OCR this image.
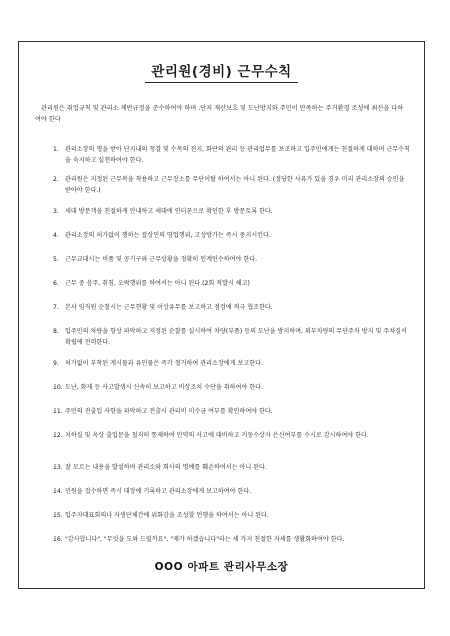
관리원(경비) 근무수칙

관리원은 취업규칙 및 관리소 제반규정을 준수하여야 하며 .단지 재산보호 및 도난방지와 주민이 만족하는 주거환경 조성에 최선을 다하여야 한다

1. 관리소장의 명을 받아 단지내의 청결 및 수목의 전지, 화단의 관리 등 관리업무를 보조하고 입주민에게는 친절하게 대하며 근무수칙을 숙지하고 실천하여야 한다.
2. 관리원은 지정된 근무복을 착용하고 근무장소를 무단이탈 하여서는 아니 된다. (정당한 사유가 있을 경우 미리 관리소장의 승인을 받아야 한다.)
3. 세대 방문객을 친절하게 안내하고 세대에 인터폰으로 확인한 후 방문토록 한다.
4. 관리소장의 허가없이 행하는 잡상인의 영업행위, 고성방가는 즉시 중지시킨다.
5. 근무교대시는 비품 및 공기구와 근무상황을 정확히 인계인수하여야 한다.
6. 근무 중 음주, 취침, 오락행위를 하여서는 아니 된다.(2회 적발시 해고)
7. 본사 임직원 순찰시는 근무현황 및 이상유무를 보고하고 점검에 적극 협조한다.
8. 입주민의 차량을 항상 파악하고 지정된 순찰를 실시하여 차량(부품) 등의 도난을 방지하며, 외부차량의 무단주차 방지 및 주차질서 확립에 전력한다.
9. 허가없이 부착된 게시물과 유인물은 즉각 철거하여 관리소장에게 보고한다.
10. 도난, 화재 등 사고발생시 신속히 보고하고 비상조치 수단을 취하여야 한다.
11. 주민의 전출입 사항을 파악하고 전출시 관리비 미수금 여부를 확인하여야 한다.
12. 지하실 및 옥상 출입문을 철저히 통제하여 만약의 사고에 대비하고 거동수상자 은신여부를 수시로 감시하여야 한다.
13. 잘 모르는 내용을 발설하며 관리소와 회사의 명예를 훼손하여서는 아니 된다.
14. 민원을 접수하면 즉시 대장에 기록하고 관리소장에게 보고하여야 한다.
15. 입주자대표회의나 자생단체간에 위화감을 조성할 언행을 하여서는 아니 된다.
16. "감사합니다", "무엇을 도와 드릴까요", "제가 하겠습니다"라는 세 가지 친절한 자세를 생활화하여야 한다.
OOO 아파트 관리사무소장
